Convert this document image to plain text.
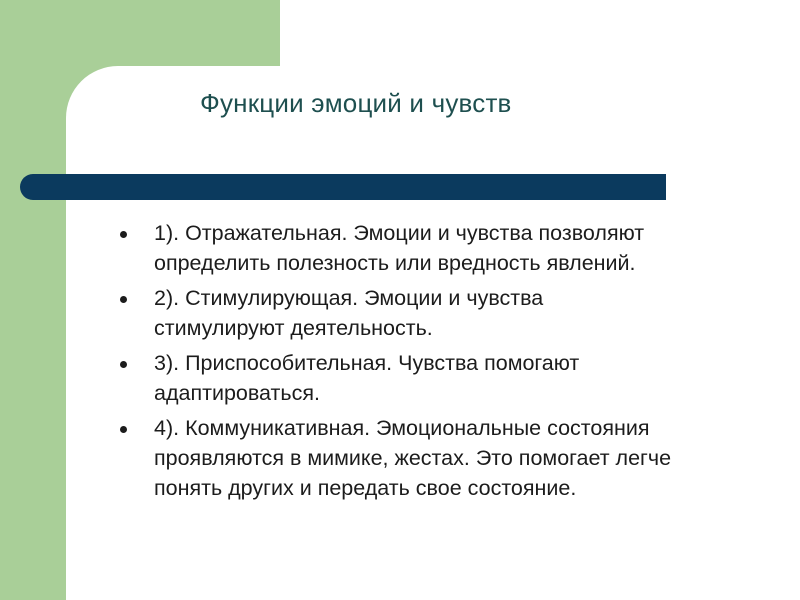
Функции эмоций и чувств
1). Отражательная. Эмоции и чувства позволяют определить полезность или вредность явлений.
2). Стимулирующая. Эмоции и чувства стимулируют деятельность.
3). Приспособительная. Чувства помогают адаптироваться.
4). Коммуникативная. Эмоциональные состояния проявляются в мимике, жестах. Это помогает легче понять других и передать свое состояние.
